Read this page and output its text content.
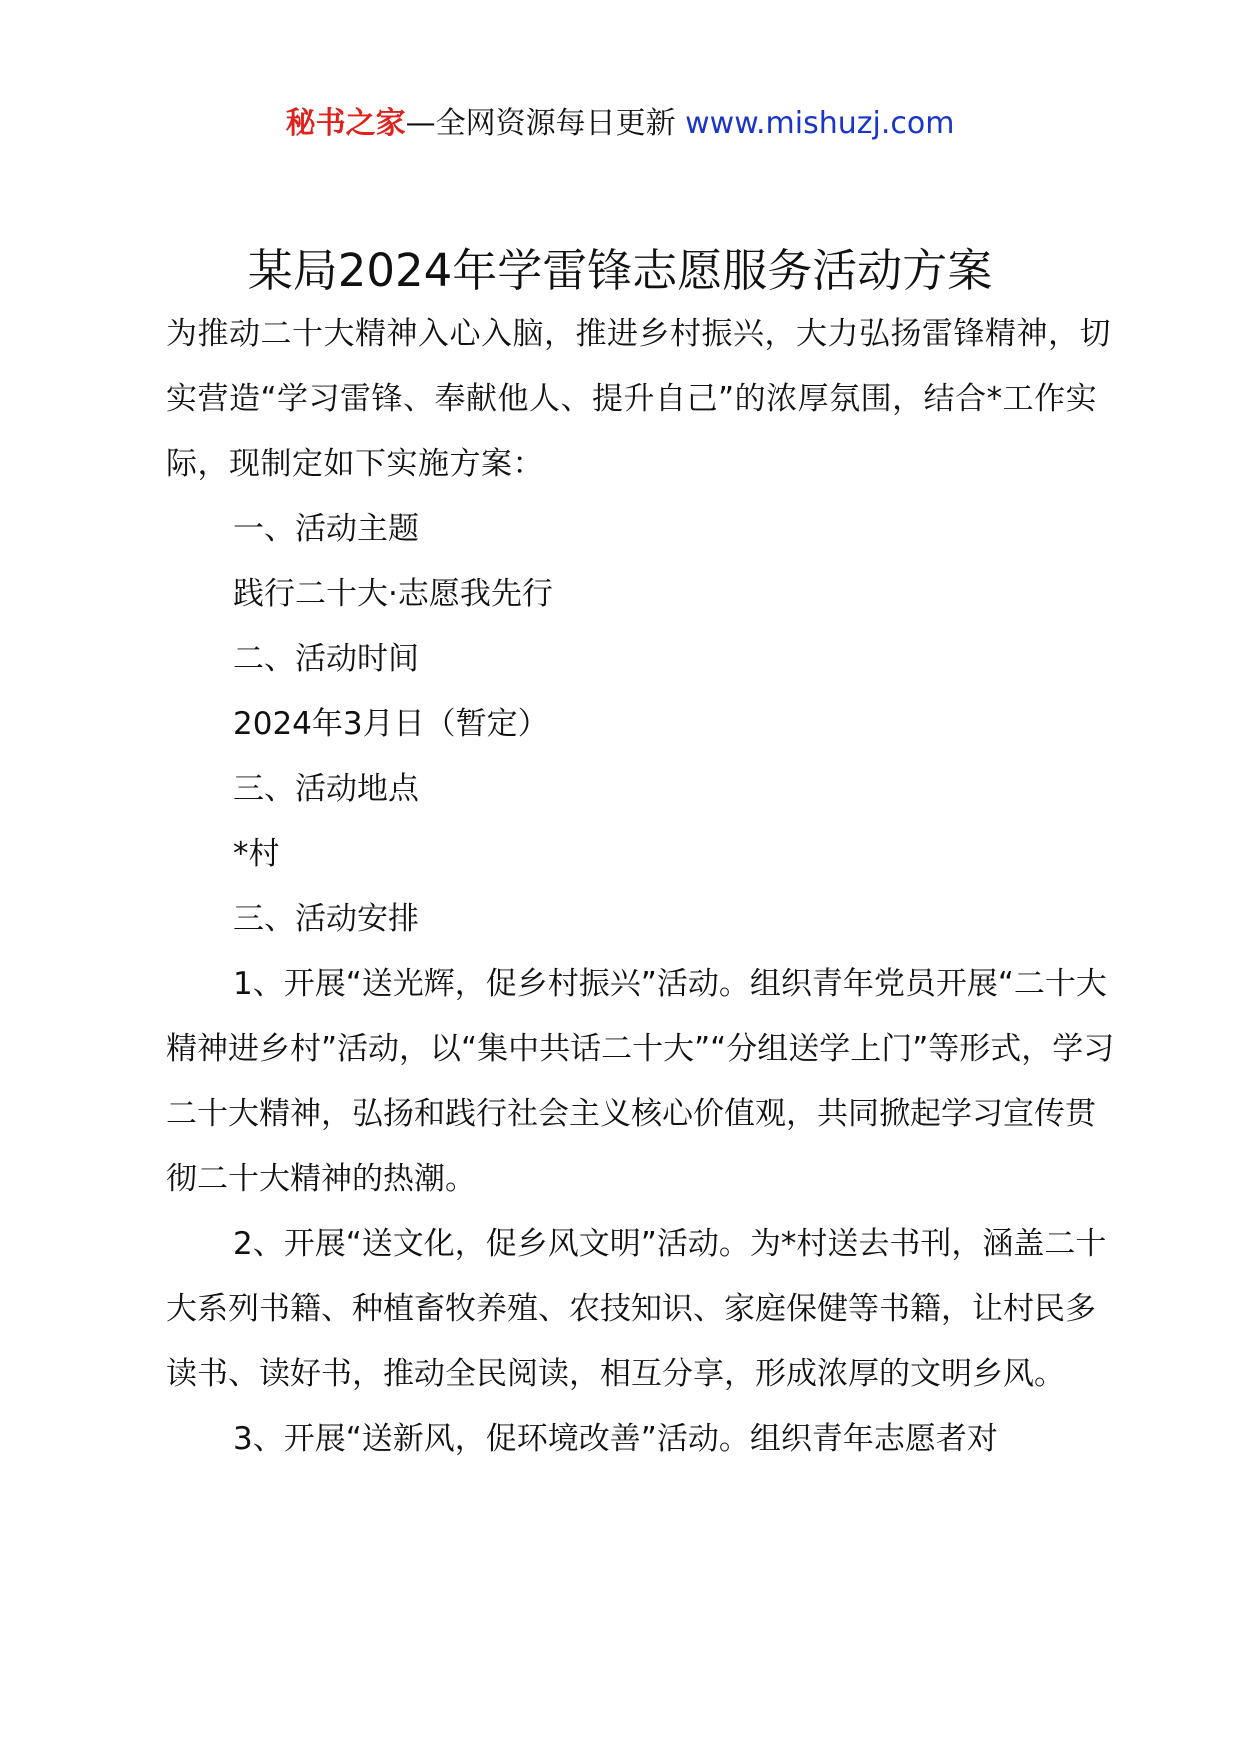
秘书之家—全网资源每日更新 www.mishuzj.com
某局2024年学雷锋志愿服务活动方案

为推动二十大精神入心入脑，推进乡村振兴，大力弘扬雷锋精神，切实营造“学习雷锋、奉献他人、提升自己”的浓厚氛围，结合*工作实际，现制定如下实施方案：

一、活动主题

践行二十大·志愿我先行

二、活动时间

2024年3月日（暂定）

三、活动地点

*村

三、活动安排

1、开展“送光辉，促乡村振兴”活动。组织青年党员开展“二十大精神进乡村”活动，以“集中共话二十大”“分组送学上门”等形式，学习二十大精神，弘扬和践行社会主义核心价值观，共同掀起学习宣传贯彻二十大精神的热潮。

2、开展“送文化，促乡风文明”活动。为*村送去书刊，涵盖二十大系列书籍、种植畜牧养殖、农技知识、家庭保健等书籍，让村民多读书、读好书，推动全民阅读，相互分享，形成浓厚的文明乡风。

3、开展“送新风，促环境改善”活动。组织青年志愿者对
